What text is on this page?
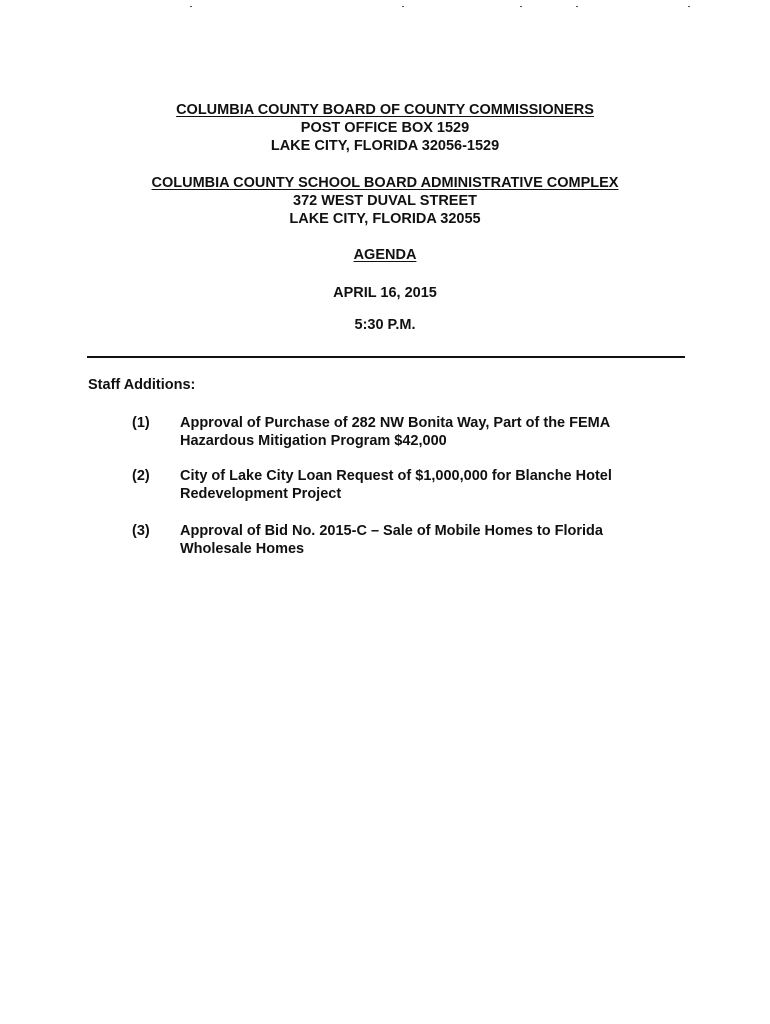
COLUMBIA COUNTY BOARD OF COUNTY COMMISSIONERS
POST OFFICE BOX 1529
LAKE CITY, FLORIDA 32056-1529
COLUMBIA COUNTY SCHOOL BOARD ADMINISTRATIVE COMPLEX
372 WEST DUVAL STREET
LAKE CITY, FLORIDA 32055
AGENDA
APRIL 16, 2015
5:30 P.M.
Staff Additions:
(1) Approval of Purchase of 282 NW Bonita Way, Part of the FEMA
Hazardous Mitigation Program $42,000
(2) City of Lake City Loan Request of $1,000,000 for Blanche Hotel
Redevelopment Project
(3) Approval of Bid No. 2015-C – Sale of Mobile Homes to Florida
Wholesale Homes
